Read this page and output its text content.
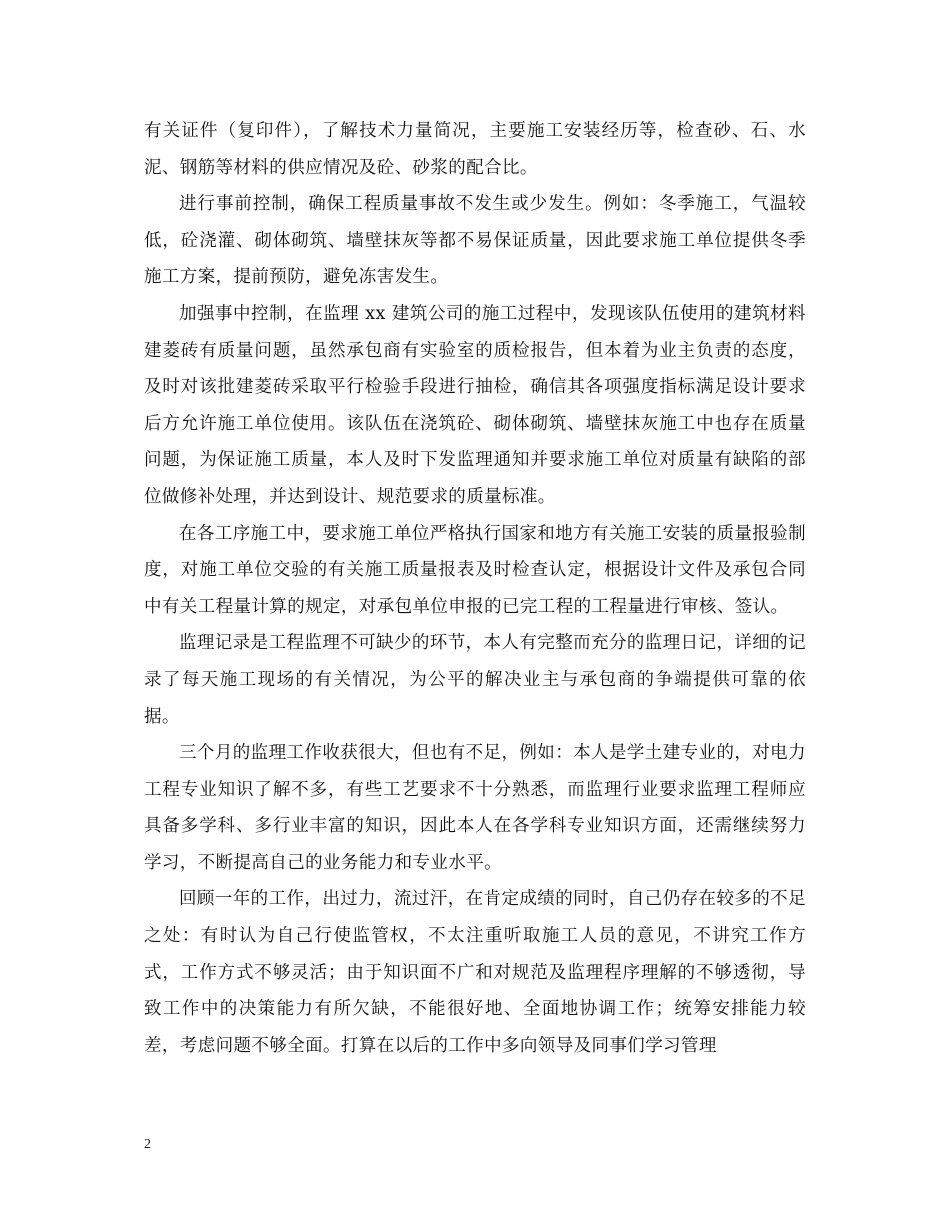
有关证件（复印件），了解技术力量简况，主要施工安装经历等，检查砂、石、水泥、钢筋等材料的供应情况及砼、砂浆的配合比。

进行事前控制，确保工程质量事故不发生或少发生。例如：冬季施工，气温较低，砼浇灌、砌体砌筑、墙壁抹灰等都不易保证质量，因此要求施工单位提供冬季施工方案，提前预防，避免冻害发生。

加强事中控制，在监理 xx 建筑公司的施工过程中，发现该队伍使用的建筑材料建菱砖有质量问题，虽然承包商有实验室的质检报告，但本着为业主负责的态度，及时对该批建菱砖采取平行检验手段进行抽检，确信其各项强度指标满足设计要求后方允许施工单位使用。该队伍在浇筑砼、砌体砌筑、墙壁抹灰施工中也存在质量问题，为保证施工质量，本人及时下发监理通知并要求施工单位对质量有缺陷的部位做修补处理，并达到设计、规范要求的质量标准。

在各工序施工中，要求施工单位严格执行国家和地方有关施工安装的质量报验制度，对施工单位交验的有关施工质量报表及时检查认定，根据设计文件及承包合同中有关工程量计算的规定，对承包单位申报的已完工程的工程量进行审核、签认。

监理记录是工程监理不可缺少的环节，本人有完整而充分的监理日记，详细的记录了每天施工现场的有关情况，为公平的解决业主与承包商的争端提供可靠的依据。

三个月的监理工作收获很大，但也有不足，例如：本人是学土建专业的，对电力工程专业知识了解不多，有些工艺要求不十分熟悉，而监理行业要求监理工程师应具备多学科、多行业丰富的知识，因此本人在各学科专业知识方面，还需继续努力学习，不断提高自己的业务能力和专业水平。

回顾一年的工作，出过力，流过汗，在肯定成绩的同时，自己仍存在较多的不足之处：有时认为自己行使监管权，不太注重听取施工人员的意见，不讲究工作方式，工作方式不够灵活；由于知识面不广和对规范及监理程序理解的不够透彻，导致工作中的决策能力有所欠缺，不能很好地、全面地协调工作；统筹安排能力较差，考虑问题不够全面。打算在以后的工作中多向领导及同事们学习管理

2
